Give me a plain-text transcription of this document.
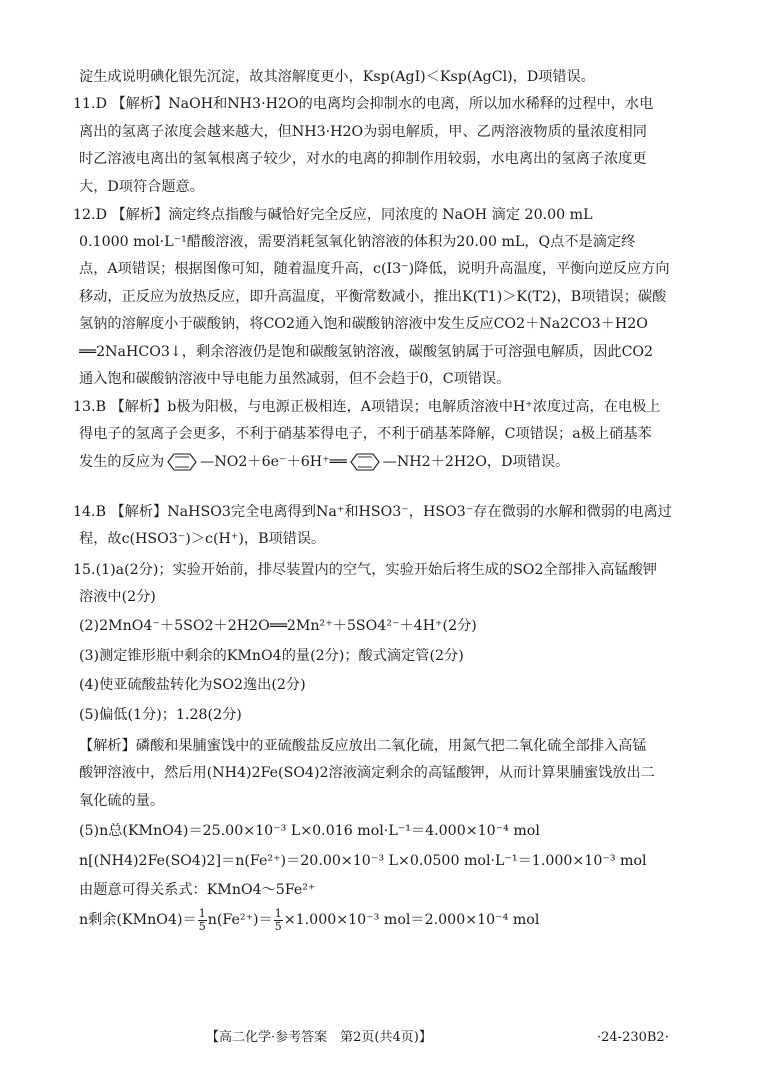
淀生成说明碘化银先沉淀，故其溶解度更小，Ksp(AgI)＜Ksp(AgCl)，D项错误。
11.D 【解析】NaOH和NH3·H2O的电离均会抑制水的电离，所以加水稀释的过程中，水电
离出的氢离子浓度会越来越大，但NH3·H2O为弱电解质，甲、乙两溶液物质的量浓度相同
时乙溶液电离出的氢氧根离子较少，对水的电离的抑制作用较弱，水电离出的氢离子浓度更
大，D项符合题意。
12.D 【解析】滴定终点指酸与碱恰好完全反应，同浓度的 NaOH 滴定 20.00 mL
0.1000 mol·L⁻¹醋酸溶液，需要消耗氢氧化钠溶液的体积为20.00 mL，Q点不是滴定终
点，A项错误；根据图像可知，随着温度升高，c(I3⁻)降低，说明升高温度，平衡向逆反应方向
移动，正反应为放热反应，即升高温度，平衡常数减小，推出K(T1)＞K(T2)，B项错误；碳酸
氢钠的溶解度小于碳酸钠，将CO2通入饱和碳酸钠溶液中发生反应CO2＋Na2CO3＋H2O
══2NaHCO3↓，剩余溶液仍是饱和碳酸氢钠溶液，碳酸氢钠属于可溶强电解质，因此CO2
通入饱和碳酸钠溶液中导电能力虽然减弱，但不会趋于0，C项错误。
13.B 【解析】b极为阳极，与电源正极相连，A项错误；电解质溶液中H⁺浓度过高，在电极上
得电子的氢离子会更多，不利于硝基苯得电子，不利于硝基苯降解，C项错误；a极上硝基苯
发生的反应为	—NO2＋6e⁻＋6H⁺══	—NH2＋2H2O，D项错误。
14.B 【解析】NaHSO3完全电离得到Na⁺和HSO3⁻，HSO3⁻存在微弱的水解和微弱的电离过
程，故c(HSO3⁻)＞c(H⁺)，B项错误。
15.(1)a(2分)；实验开始前，排尽装置内的空气，实验开始后将生成的SO2全部排入高锰酸钾
溶液中(2分)
(2)2MnO4⁻＋5SO2＋2H2O══2Mn²⁺＋5SO4²⁻＋4H⁺(2分)
(3)测定锥形瓶中剩余的KMnO4的量(2分)；酸式滴定管(2分)
(4)使亚硫酸盐转化为SO2逸出(2分)
(5)偏低(1分)；1.28(2分)
【解析】磷酸和果脯蜜饯中的亚硫酸盐反应放出二氧化硫，用氮气把二氧化硫全部排入高锰
酸钾溶液中，然后用(NH4)2Fe(SO4)2溶液滴定剩余的高锰酸钾，从而计算果脯蜜饯放出二
氧化硫的量。
(5)n总(KMnO4)＝25.00×10⁻³ L×0.016 mol·L⁻¹＝4.000×10⁻⁴ mol
n[(NH4)2Fe(SO4)2]＝n(Fe²⁺)＝20.00×10⁻³ L×0.0500 mol·L⁻¹＝1.000×10⁻³ mol
由题意可得关系式：KMnO4～5Fe²⁺
n剩余(KMnO4)＝ $\frac{1}{5} n(Fe^{2+})= \frac{1}{5} \times 1.000\times 10^{-3}$ mol＝2.000×10⁻⁴ mol
【高二化学·参考答案　第2页(共4页)】	·24-230B2·
